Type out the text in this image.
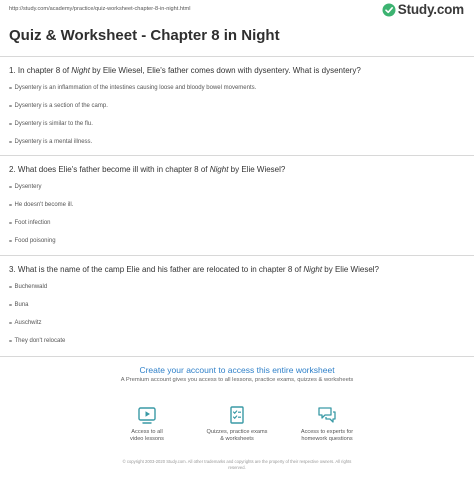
http://study.com/academy/practice/quiz-worksheet-chapter-8-in-night.html	Study.com
Quiz & Worksheet - Chapter 8 in Night
1. In chapter 8 of Night by Elie Wiesel, Elie's father comes down with dysentery. What is dysentery?
Dysentery is an inflammation of the intestines causing loose and bloody bowel movements.
Dysentery is a section of the camp.
Dysentery is similar to the flu.
Dysentery is a mental illness.
2. What does Elie's father become ill with in chapter 8 of Night by Elie Wiesel?
Dysentery
He doesn't become ill.
Foot infection
Food poisoning
3. What is the name of the camp Elie and his father are relocated to in chapter 8 of Night by Elie Wiesel?
Buchenwald
Buna
Auschwitz
They don't relocate
Create your account to access this entire worksheet
A Premium account gives you access to all lessons, practice exams, quizzes & worksheets
Access to all
video lessons
Quizzes, practice exams
& worksheets
Access to experts for
homework questions
© copyright 2003-2020 Study.com. All other trademarks and copyrights are the property of their respective owners. All rights
reserved.
